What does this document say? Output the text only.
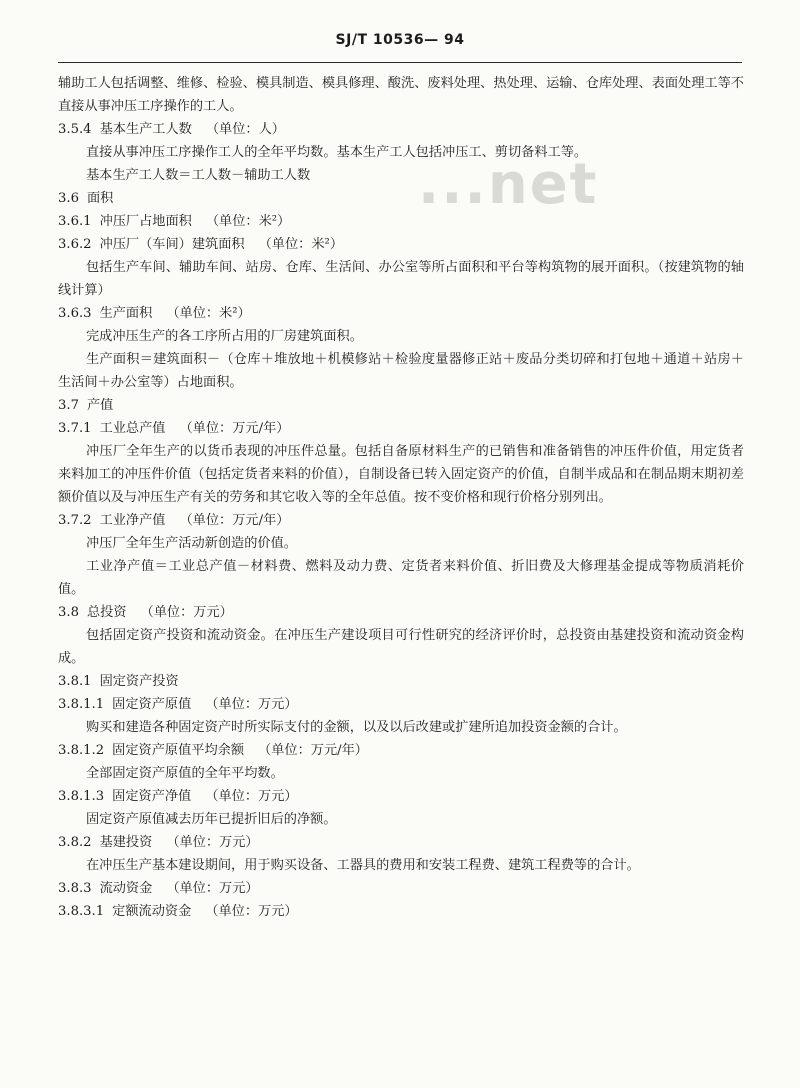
SJ/T 10536— 94
...net

辅助工人包括调整、维修、检验、模具制造、模具修理、酸洗、废料处理、热处理、运输、仓库处理、表面处理工等不直接从事冲压工序操作的工人。

3.5.4 基本生产工人数 （单位：人）

直接从事冲压工序操作工人的全年平均数。基本生产工人包括冲压工、剪切备料工等。

基本生产工人数＝工人数－辅助工人数

3.6 面积

3.6.1 冲压厂占地面积 （单位：米²）

3.6.2 冲压厂（车间）建筑面积 （单位：米²）

包括生产车间、辅助车间、站房、仓库、生活间、办公室等所占面积和平台等构筑物的展开面积。（按建筑物的轴线计算）

3.6.3 生产面积 （单位：米²）

完成冲压生产的各工序所占用的厂房建筑面积。

生产面积＝建筑面积－（仓库＋堆放地＋机模修站＋检验度量器修正站＋废品分类切碎和打包地＋通道＋站房＋生活间＋办公室等）占地面积。

3.7 产值

3.7.1 工业总产值 （单位：万元/年）

冲压厂全年生产的以货币表现的冲压件总量。包括自备原材料生产的已销售和准备销售的冲压件价值，用定货者来料加工的冲压件价值（包括定货者来料的价值），自制设备已转入固定资产的价值，自制半成品和在制品期末期初差额价值以及与冲压生产有关的劳务和其它收入等的全年总值。按不变价格和现行价格分别列出。

3.7.2 工业净产值 （单位：万元/年）

冲压厂全年生产活动新创造的价值。

工业净产值＝工业总产值－材料费、燃料及动力费、定货者来料价值、折旧费及大修理基金提成等物质消耗价值。

3.8 总投资 （单位：万元）

包括固定资产投资和流动资金。在冲压生产建设项目可行性研究的经济评价时，总投资由基建投资和流动资金构成。

3.8.1 固定资产投资

3.8.1.1 固定资产原值 （单位：万元）

购买和建造各种固定资产时所实际支付的金额，以及以后改建或扩建所追加投资金额的合计。

3.8.1.2 固定资产原值平均余额 （单位：万元/年）

全部固定资产原值的全年平均数。

3.8.1.3 固定资产净值 （单位：万元）

固定资产原值减去历年已提折旧后的净额。

3.8.2 基建投资 （单位：万元）

在冲压生产基本建设期间，用于购买设备、工器具的费用和安装工程费、建筑工程费等的合计。

3.8.3 流动资金 （单位：万元）

3.8.3.1 定额流动资金 （单位：万元）
